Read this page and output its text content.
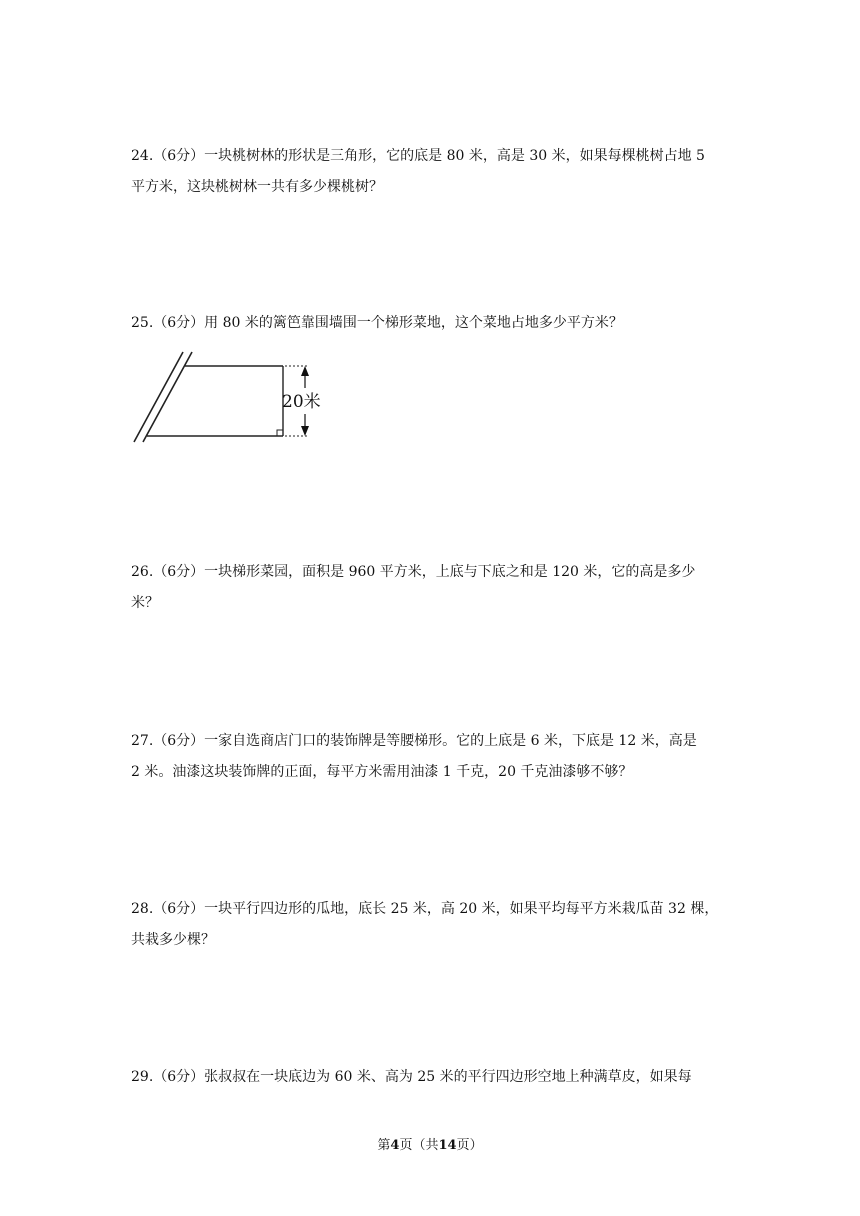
24.（6分）一块桃树林的形状是三角形，它的底是 80 米，高是 30 米，如果每棵桃树占地 5

平方米，这块桃树林一共有多少棵桃树？

25.（6分）用 80 米的篱笆靠围墙围一个梯形菜地，这个菜地占地多少平方米？

20米

26.（6分）一块梯形菜园，面积是 960 平方米，上底与下底之和是 120 米，它的高是多少

米？

27.（6分）一家自选商店门口的装饰牌是等腰梯形。它的上底是 6 米，下底是 12 米，高是

2 米。油漆这块装饰牌的正面，每平方米需用油漆 1 千克，20 千克油漆够不够？

28.（6分）一块平行四边形的瓜地，底长 25 米，高 20 米，如果平均每平方米栽瓜苗 32 棵，

共栽多少棵？

29.（6分）张叔叔在一块底边为 60 米、高为 25 米的平行四边形空地上种满草皮，如果每

第4页（共14页）
